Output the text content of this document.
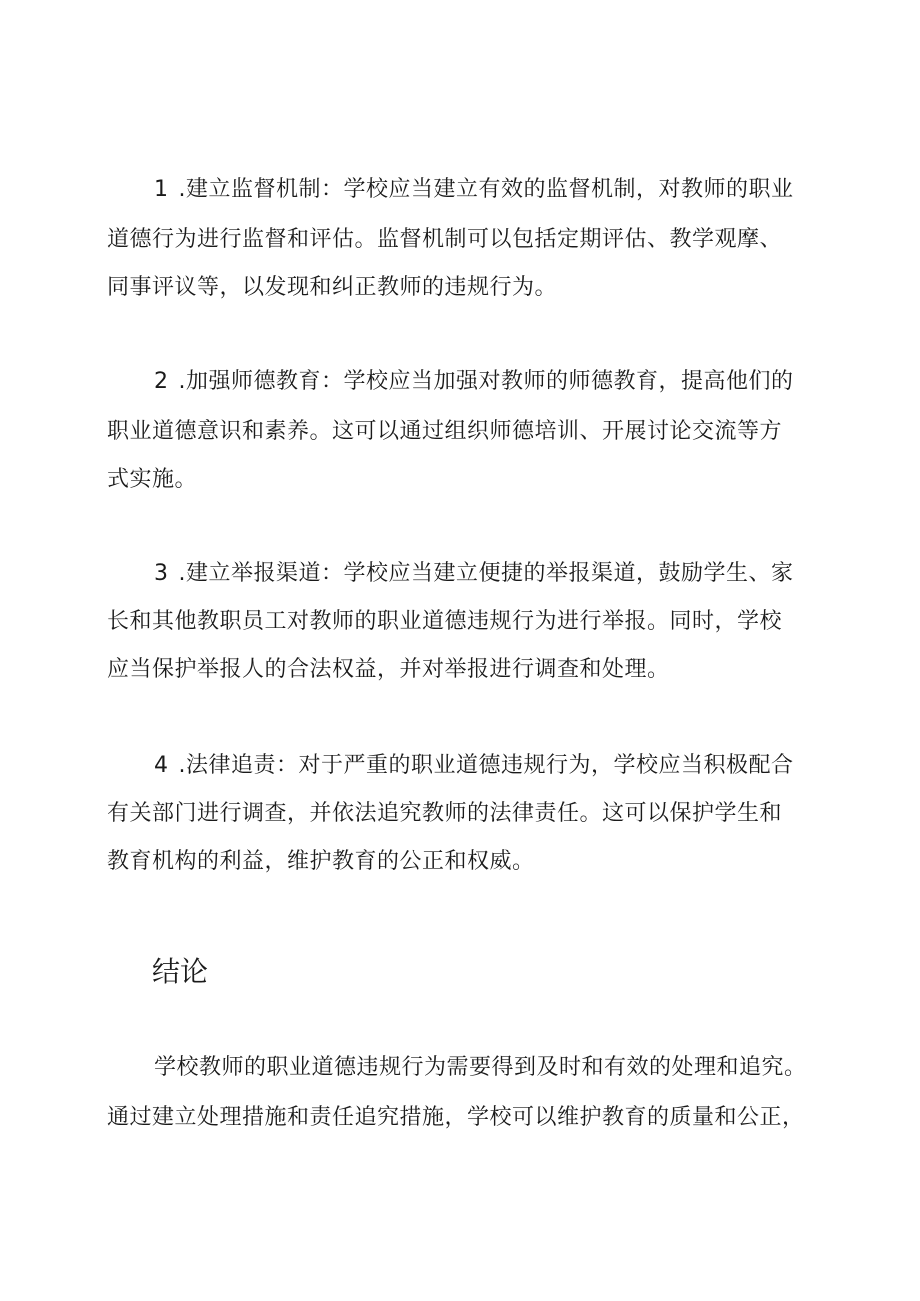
1 .建立监督机制：学校应当建立有效的监督机制，对教师的职业
道德行为进行监督和评估。监督机制可以包括定期评估、教学观摩、
同事评议等，以发现和纠正教师的违规行为。
2 .加强师德教育：学校应当加强对教师的师德教育，提高他们的
职业道德意识和素养。这可以通过组织师德培训、开展讨论交流等方
式实施。
3 .建立举报渠道：学校应当建立便捷的举报渠道，鼓励学生、家
长和其他教职员工对教师的职业道德违规行为进行举报。同时，学校
应当保护举报人的合法权益，并对举报进行调查和处理。
4 .法律追责：对于严重的职业道德违规行为，学校应当积极配合
有关部门进行调查，并依法追究教师的法律责任。这可以保护学生和
教育机构的利益，维护教育的公正和权威。
结论
学校教师的职业道德违规行为需要得到及时和有效的处理和追究。
通过建立处理措施和责任追究措施，学校可以维护教育的质量和公正，
